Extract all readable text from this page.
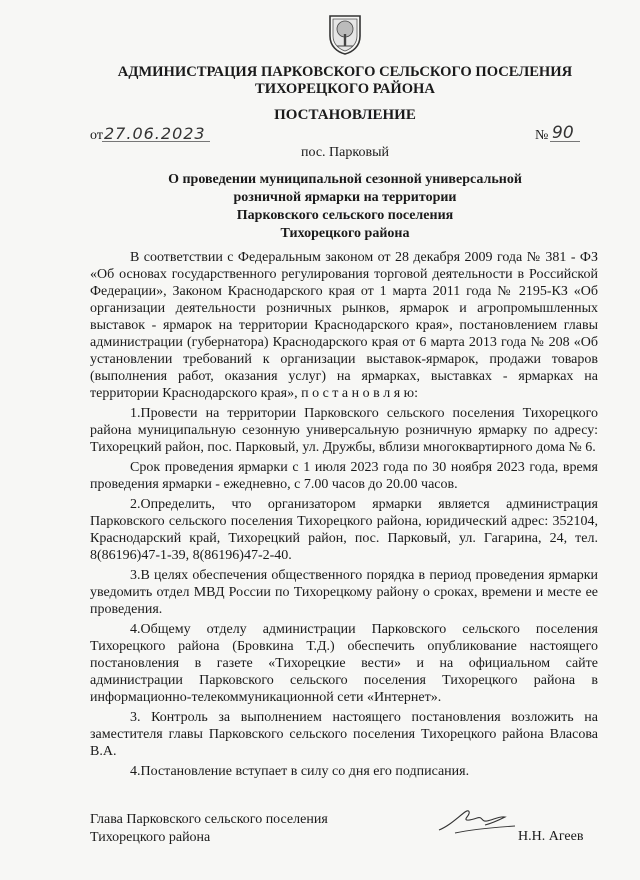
АДМИНИСТРАЦИЯ ПАРКОВСКОГО СЕЛЬСКОГО ПОСЕЛЕНИЯ
ТИХОРЕЦКОГО РАЙОНА
ПОСТАНОВЛЕНИЕ
от 27.06.2023	№ 90
пос. Парковый
О проведении муниципальной сезонной универсальной
розничной ярмарки на территории
Парковского сельского поселения
Тихорецкого района

В соответствии с Федеральным законом от 28 декабря 2009 года № 381 - ФЗ «Об основах государственного регулирования торговой деятельности в Российской Федерации», Законом Краснодарского края от 1 марта 2011 года № 2195-КЗ «Об организации деятельности розничных рынков, ярмарок и агропромышленных выставок - ярмарок на территории Краснодарского края», постановлением главы администрации (губернатора) Краснодарского края от 6 марта 2013 года № 208 «Об установлении требований к организации выставок-ярмарок, продажи товаров (выполнения работ, оказания услуг) на ярмарках, выставках - ярмарках на территории Краснодарского края», п о с т а н о в л я ю:

1.Провести на территории Парковского сельского поселения Тихорецкого района муниципальную сезонную универсальную розничную ярмарку по адресу: Тихорецкий район, пос. Парковый, ул. Дружбы, вблизи многоквартирного дома № 6.

Срок проведения ярмарки с 1 июля 2023 года по 30 ноября 2023 года, время проведения ярмарки - ежедневно, с 7.00 часов до 20.00 часов.

2.Определить, что организатором ярмарки является администрация Парковского сельского поселения Тихорецкого района, юридический адрес: 352104, Краснодарский край, Тихорецкий район, пос. Парковый, ул. Гагарина, 24, тел. 8(86196)47-1-39, 8(86196)47-2-40.

3.В целях обеспечения общественного порядка в период проведения ярмарки уведомить отдел МВД России по Тихорецкому району о сроках, времени и месте ее проведения.

4.Общему отделу администрации Парковского сельского поселения Тихорецкого района (Бровкина Т.Д.) обеспечить опубликование настоящего постановления в газете «Тихорецкие вести» и на официальном сайте администрации Парковского сельского поселения Тихорецкого района в информационно-телекоммуникационной сети «Интернет».

3. Контроль за выполнением настоящего постановления возложить на заместителя главы Парковского сельского поселения Тихорецкого района Власова В.А.

4.Постановление вступает в силу со дня его подписания.

Глава Парковского сельского поселения
Тихорецкого района	Н.Н. Агеев
